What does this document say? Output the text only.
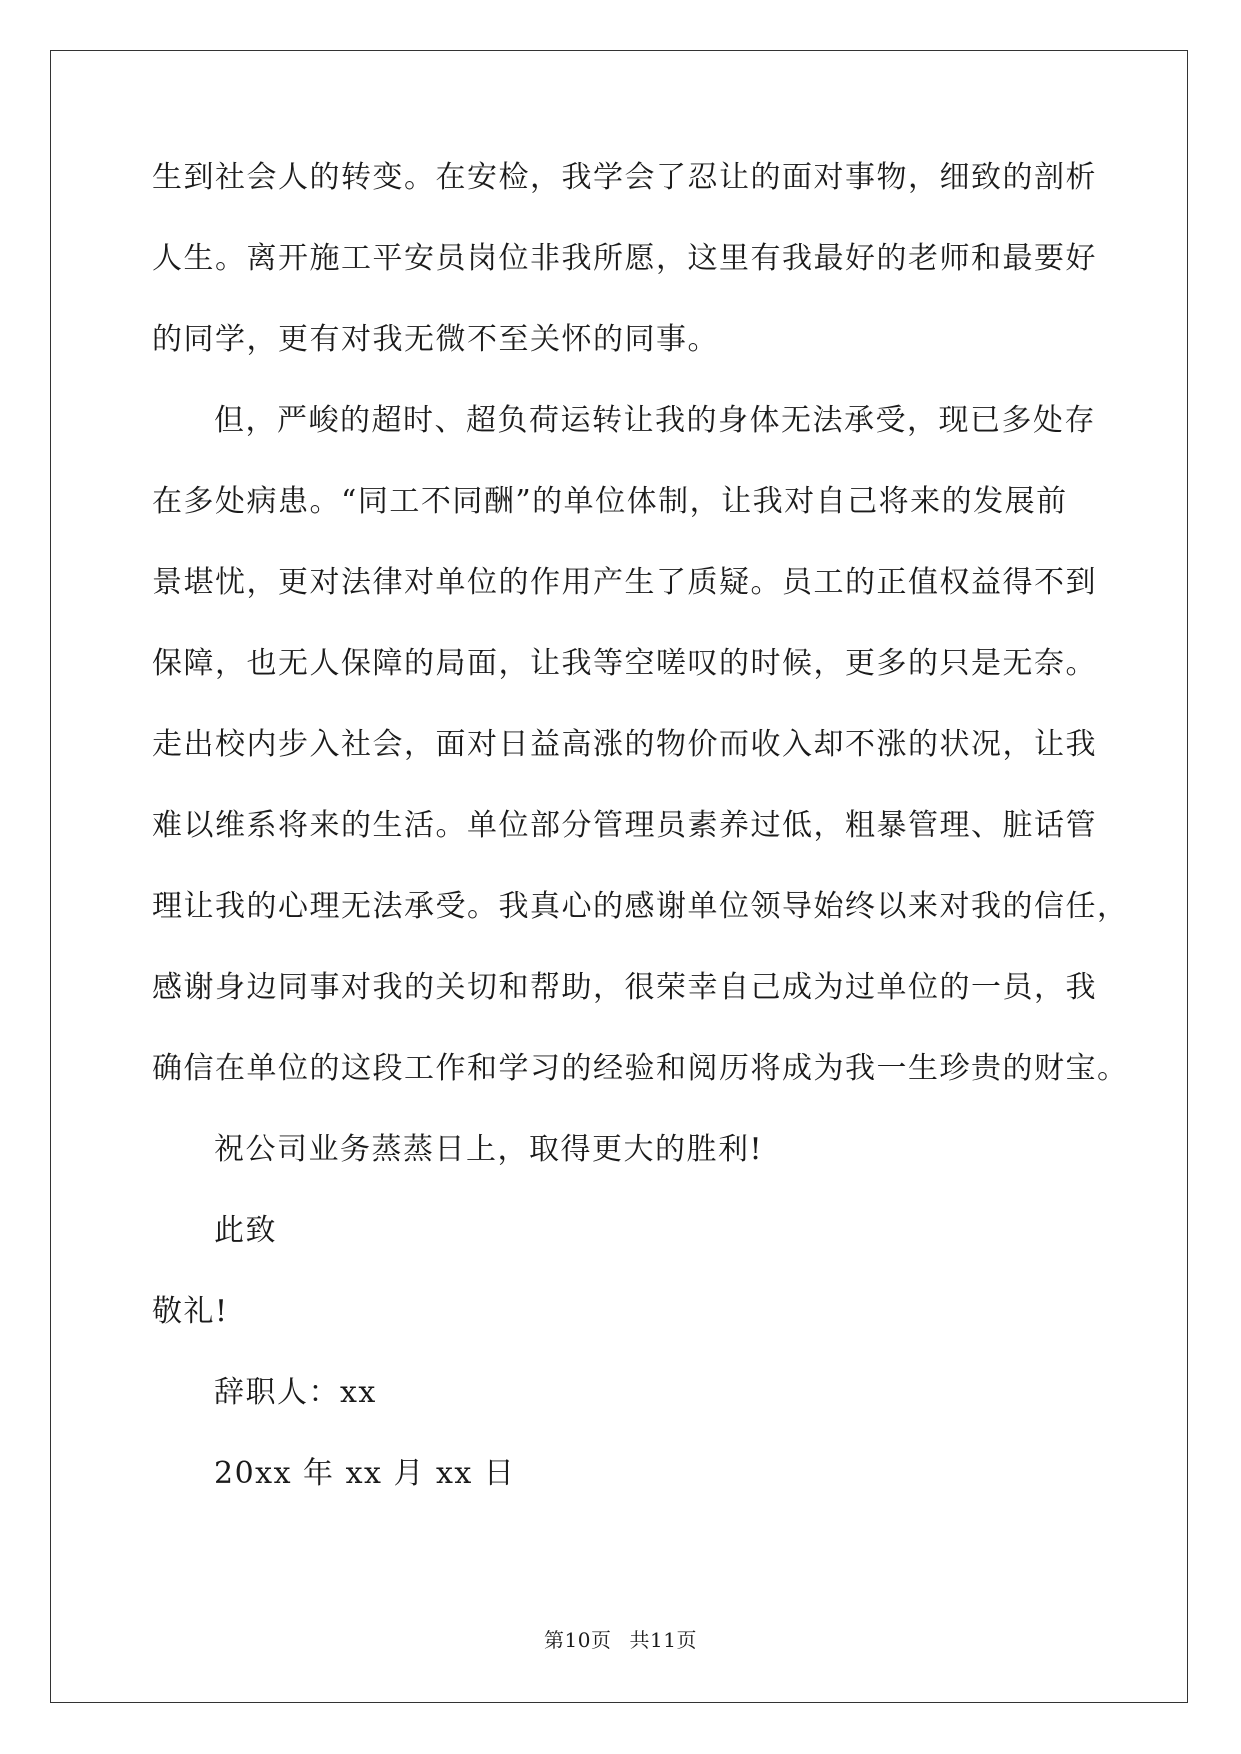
生到社会人的转变。在安检，我学会了忍让的面对事物，细致的剖析
人生。离开施工平安员岗位非我所愿，这里有我最好的老师和最要好
的同学，更有对我无微不至关怀的同事。
但，严峻的超时、超负荷运转让我的身体无法承受，现已多处存
在多处病患。“同工不同酬”的单位体制，让我对自己将来的发展前
景堪忧，更对法律对单位的作用产生了质疑。员工的正值权益得不到
保障，也无人保障的局面，让我等空嗟叹的时候，更多的只是无奈。
走出校内步入社会，面对日益高涨的物价而收入却不涨的状况，让我
难以维系将来的生活。单位部分管理员素养过低，粗暴管理、脏话管
理让我的心理无法承受。我真心的感谢单位领导始终以来对我的信任，
感谢身边同事对我的关切和帮助，很荣幸自己成为过单位的一员，我
确信在单位的这段工作和学习的经验和阅历将成为我一生珍贵的财宝。
祝公司业务蒸蒸日上，取得更大的胜利!
此致
敬礼!
辞职人：xx
20xx 年 xx 月 xx 日
第10页 共11页
